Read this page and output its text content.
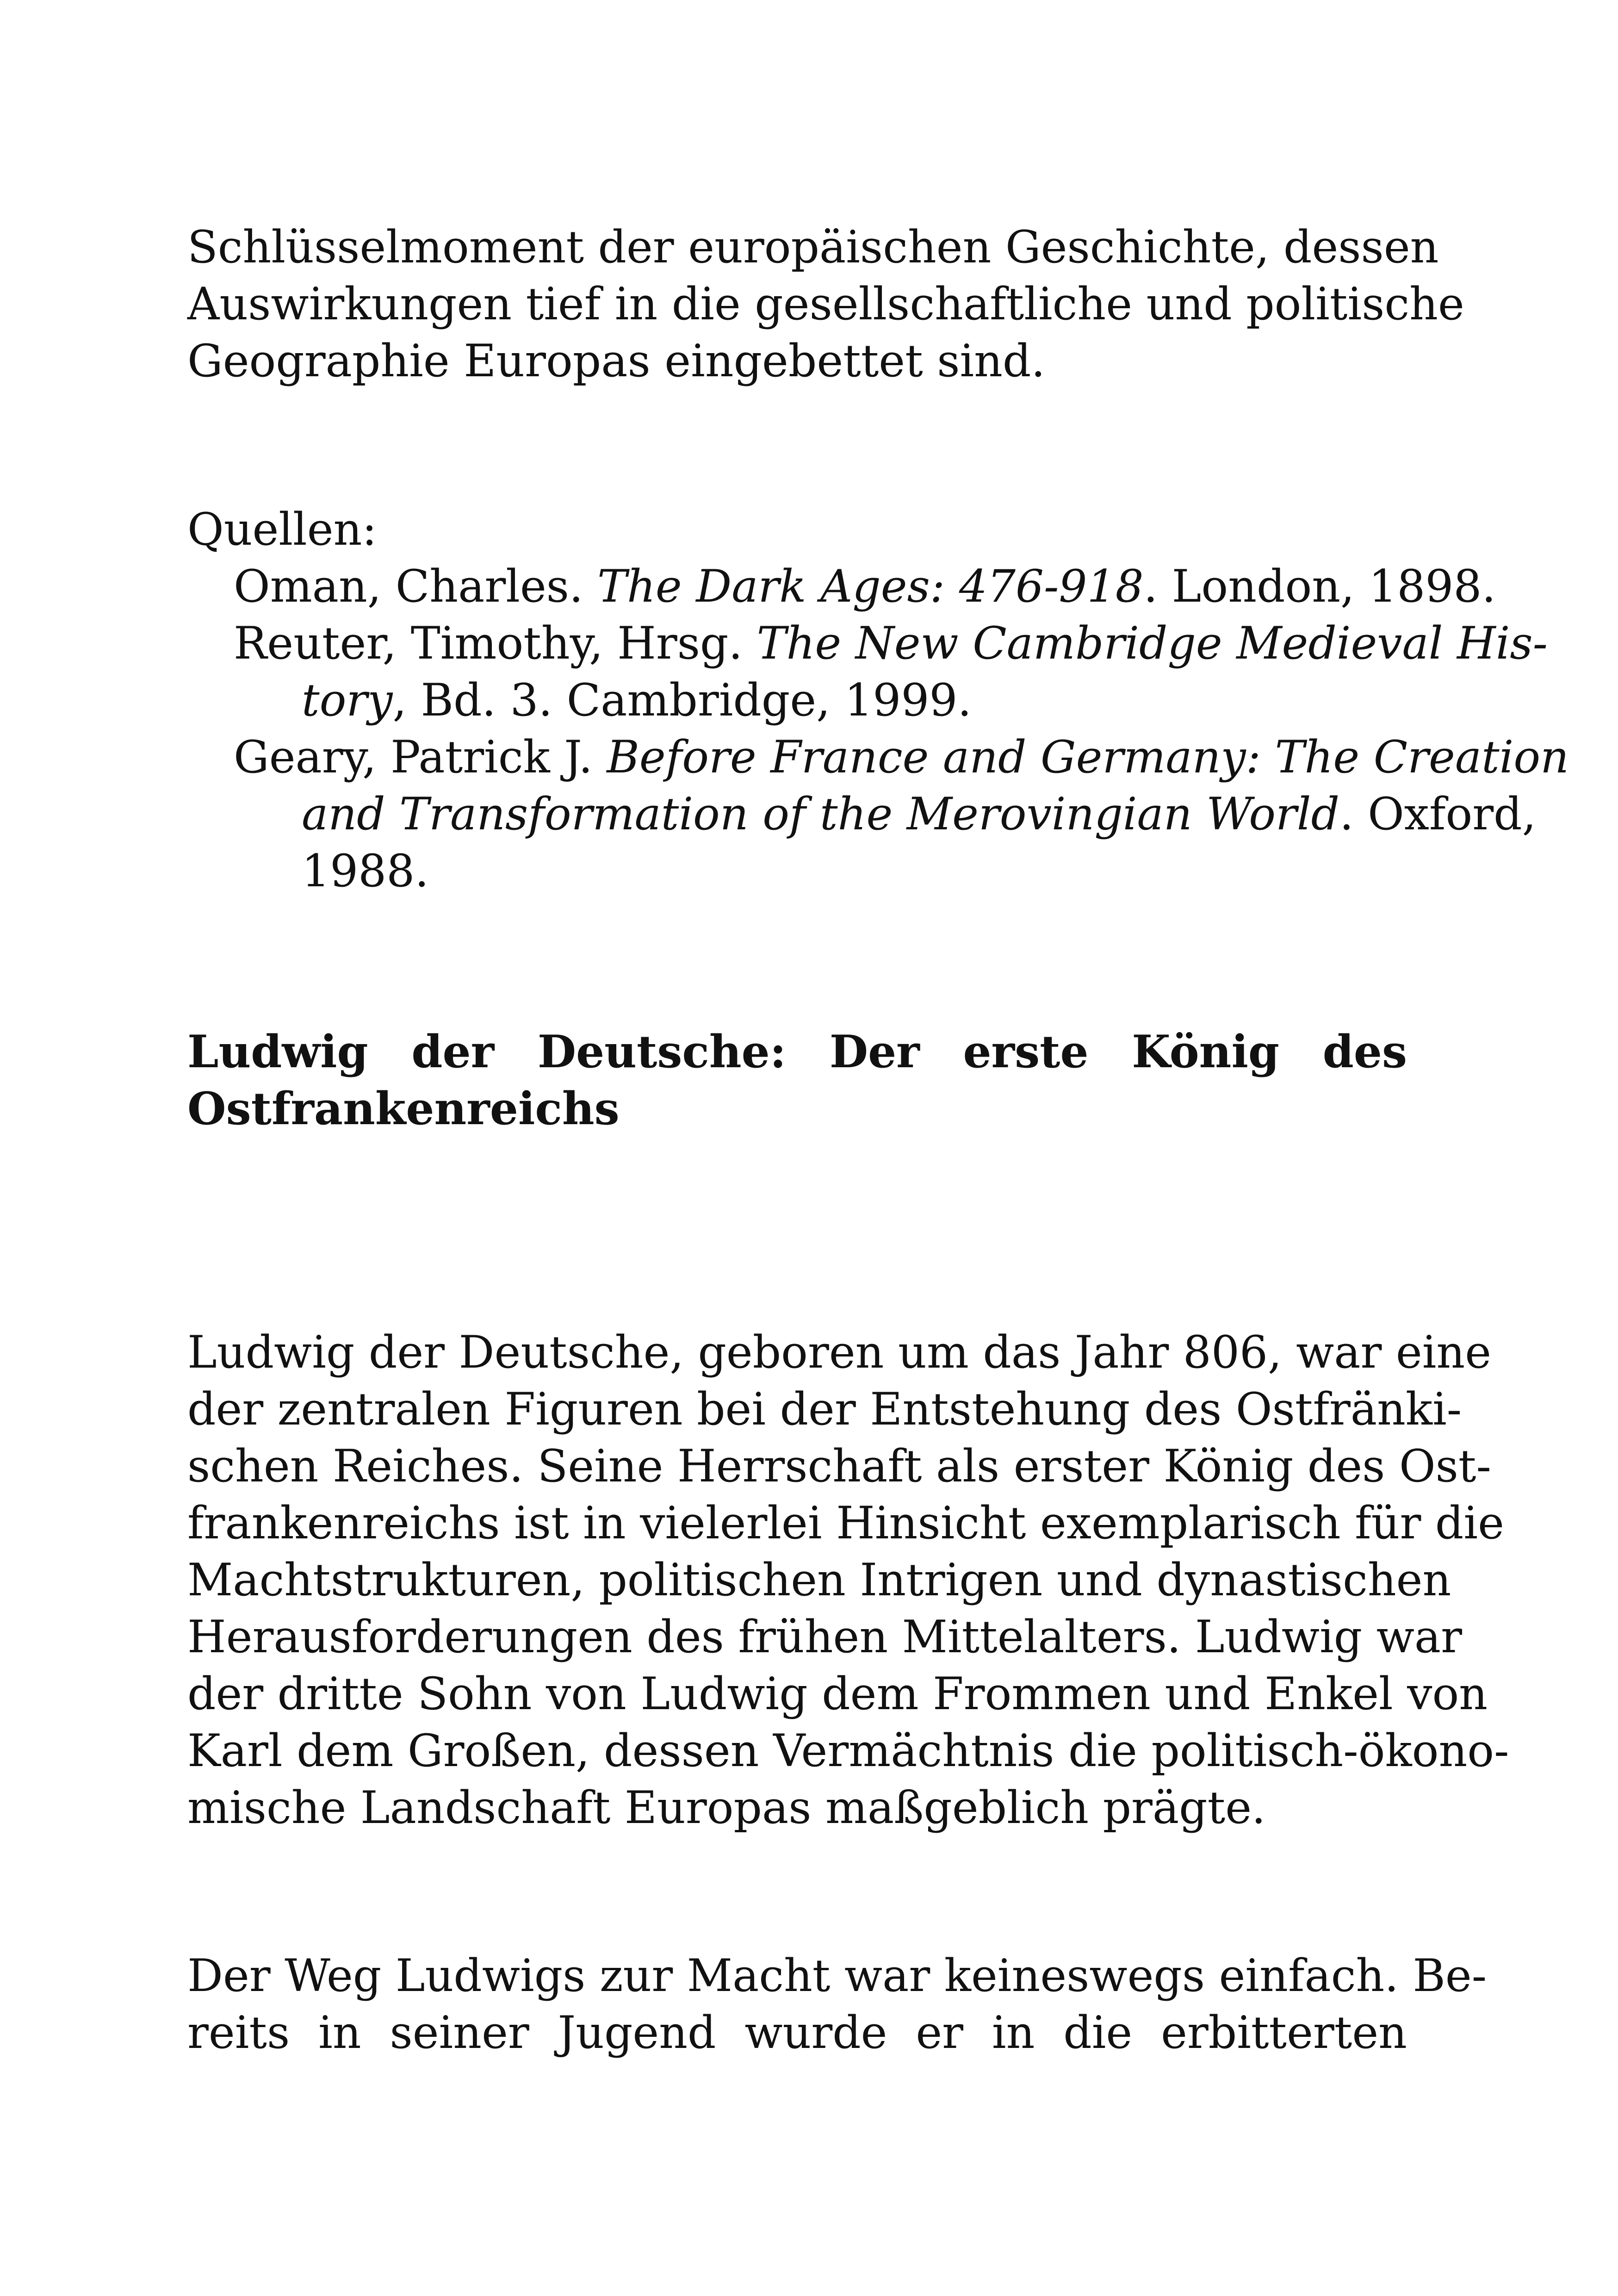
Schlüsselmoment der europäischen Geschichte, dessen
Auswirkungen tief in die gesellschaftliche und politische
Geographie Europas eingebettet sind.
Quellen:
Oman, Charles. The Dark Ages: 476-918. London, 1898.
Reuter, Timothy, Hrsg. The New Cambridge Medieval His-
tory, Bd. 3. Cambridge, 1999.
Geary, Patrick J. Before France and Germany: The Creation
and Transformation of the Merovingian World. Oxford,
1988.
Ludwig der Deutsche: Der erste König des
Ostfrankenreichs
Ludwig der Deutsche, geboren um das Jahr 806, war eine
der zentralen Figuren bei der Entstehung des Ostfränki-
schen Reiches. Seine Herrschaft als erster König des Ost-
frankenreichs ist in vielerlei Hinsicht exemplarisch für die
Machtstrukturen, politischen Intrigen und dynastischen
Herausforderungen des frühen Mittelalters. Ludwig war
der dritte Sohn von Ludwig dem Frommen und Enkel von
Karl dem Großen, dessen Vermächtnis die politisch-ökono-
mische Landschaft Europas maßgeblich prägte.
Der Weg Ludwigs zur Macht war keineswegs einfach. Be-
reits in seiner Jugend wurde er in die erbitterten
